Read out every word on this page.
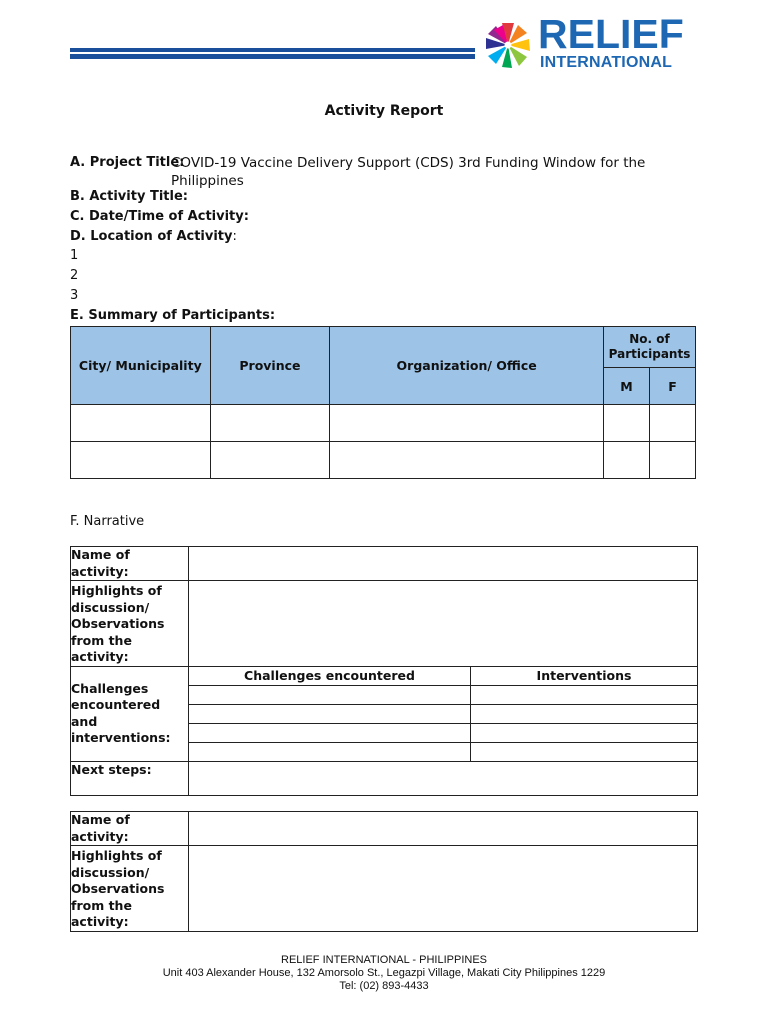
RELIEF
INTERNATIONAL
Activity Report
A. Project Title:
COVID-19 Vaccine Delivery Support (CDS) 3rd Funding Window for the Philippines
B. Activity Title:
C. Date/Time of Activity:
D. Location of Activity:
1
2
3
E. Summary of Participants:
City/ Municipality	Province	Organization/ Office	No. of Participants	
			M	F

F. Narrative
Name of activity:		
Highlights of discussion/ Observations from the activity:		
Challenges encountered and interventions:	Challenges encountered	Interventions

Next steps:		
Name of activity:	
Highlights of discussion/ Observations from the activity:	
RELIEF INTERNATIONAL - PHILIPPINES
Unit 403 Alexander House, 132 Amorsolo St., Legazpi Village, Makati City Philippines 1229
Tel: (02) 893-4433
